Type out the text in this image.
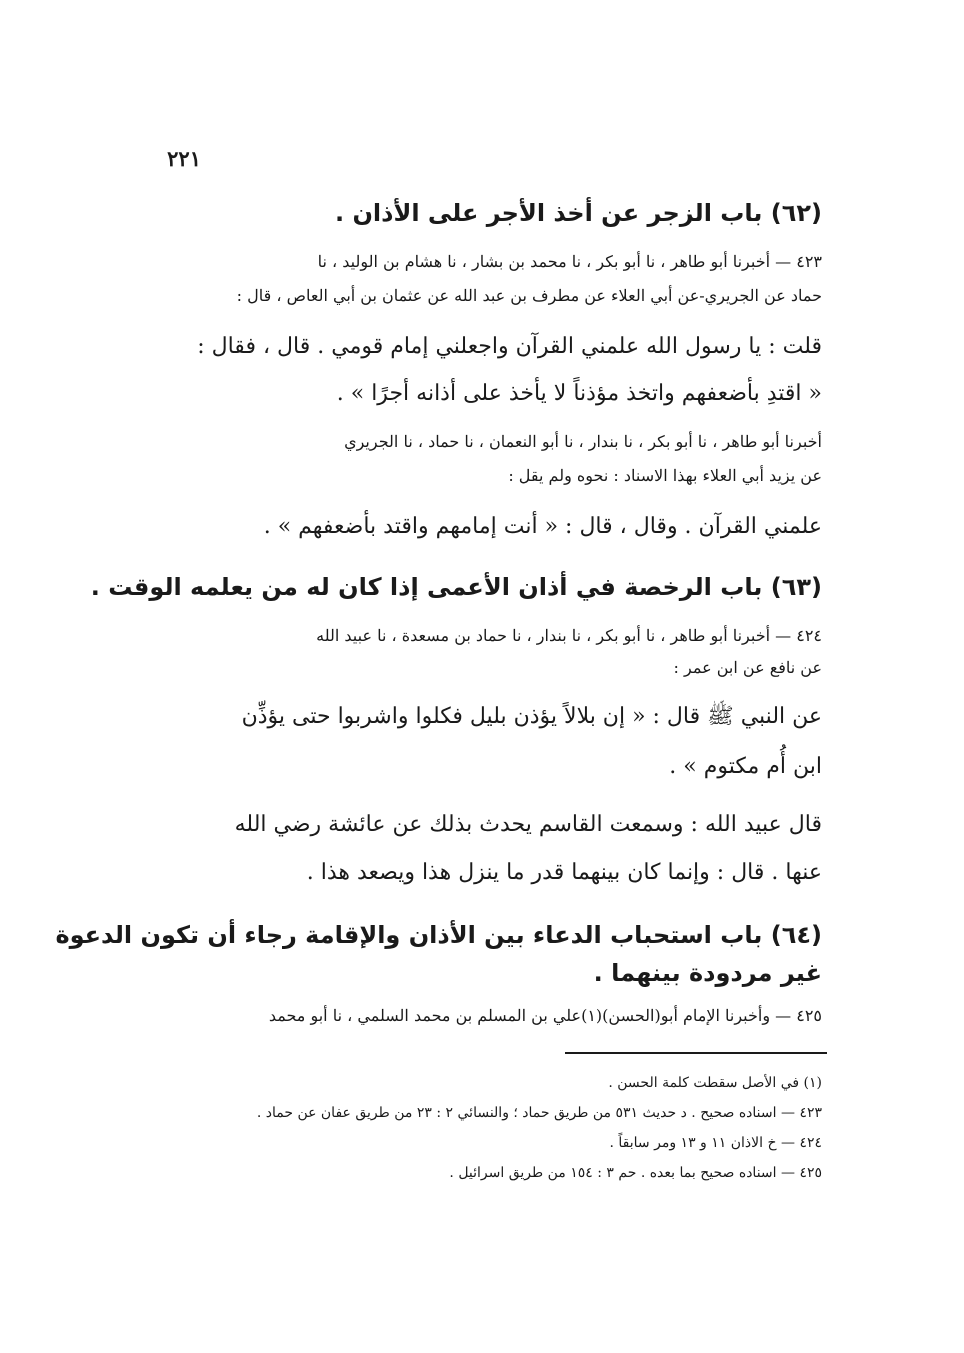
٢٢١
(٦٢) باب الزجر عن أخذ الأجر على الأذان .
٤٢٣ — أخبرنا أبو طاهر ، نا أبو بكر ، نا محمد بن بشار ، نا هشام بن الوليد ، نا
حماد عن الجريري-عن أبي العلاء عن مطرف بن عبد الله عن عثمان بن أبي العاص ، قال :
قلت : يا رسول الله علمني القرآن واجعلني إمام قومي . قال ، فقال :
« اقتدِ بأضعفهم واتخذ مؤذناً لا يأخذ على أذانه أجرًا » .
أخبرنا أبو طاهر ، نا أبو بكر ، نا بندار ، نا أبو النعمان ، نا حماد ، نا الجريري
عن يزيد أبي العلاء بهذا الاسناد : نحوه ولم يقل :
علمني القرآن . وقال ، قال : « أنت إمامهم واقتد بأضعفهم » .
(٦٣) باب الرخصة في أذان الأعمى إذا كان له من يعلمه الوقت .
٤٢٤ — أخبرنا أبو طاهر ، نا أبو بكر ، نا بندار ، نا حماد بن مسعدة ، نا عبيد الله
عن نافع عن ابن عمر :
عن النبي ﷺ قال : « إن بلالاً يؤذن بليل فكلوا واشربوا حتى يؤذِّن
ابن أُم مكتوم » .
قال عبيد الله : وسمعت القاسم يحدث بذلك عن عائشة رضي الله
عنها . قال : وإنما كان بينهما قدر ما ينزل هذا ويصعد هذا .
(٦٤) باب استحباب الدعاء بين الأذان والإقامة رجاء أن تكون الدعوة
غير مردودة بينهما .
٤٢٥ — وأخبرنا الإمام أبو(الحسن)(١)علي بن المسلم بن محمد السلمي ، نا أبو محمد
(١) في الأصل سقطت كلمة الحسن .
٤٢٣ — اسناده صحيح . د حديث ٥٣١ من طريق حماد ؛ والنسائي ٢ : ٢٣ من طريق عفان عن حماد .
٤٢٤ — خ الاذان ١١ و ١٣ ومر سابقاً .
٤٢٥ — اسناده صحيح بما بعده . حم ٣ : ١٥٤ من طريق اسرائيل .
